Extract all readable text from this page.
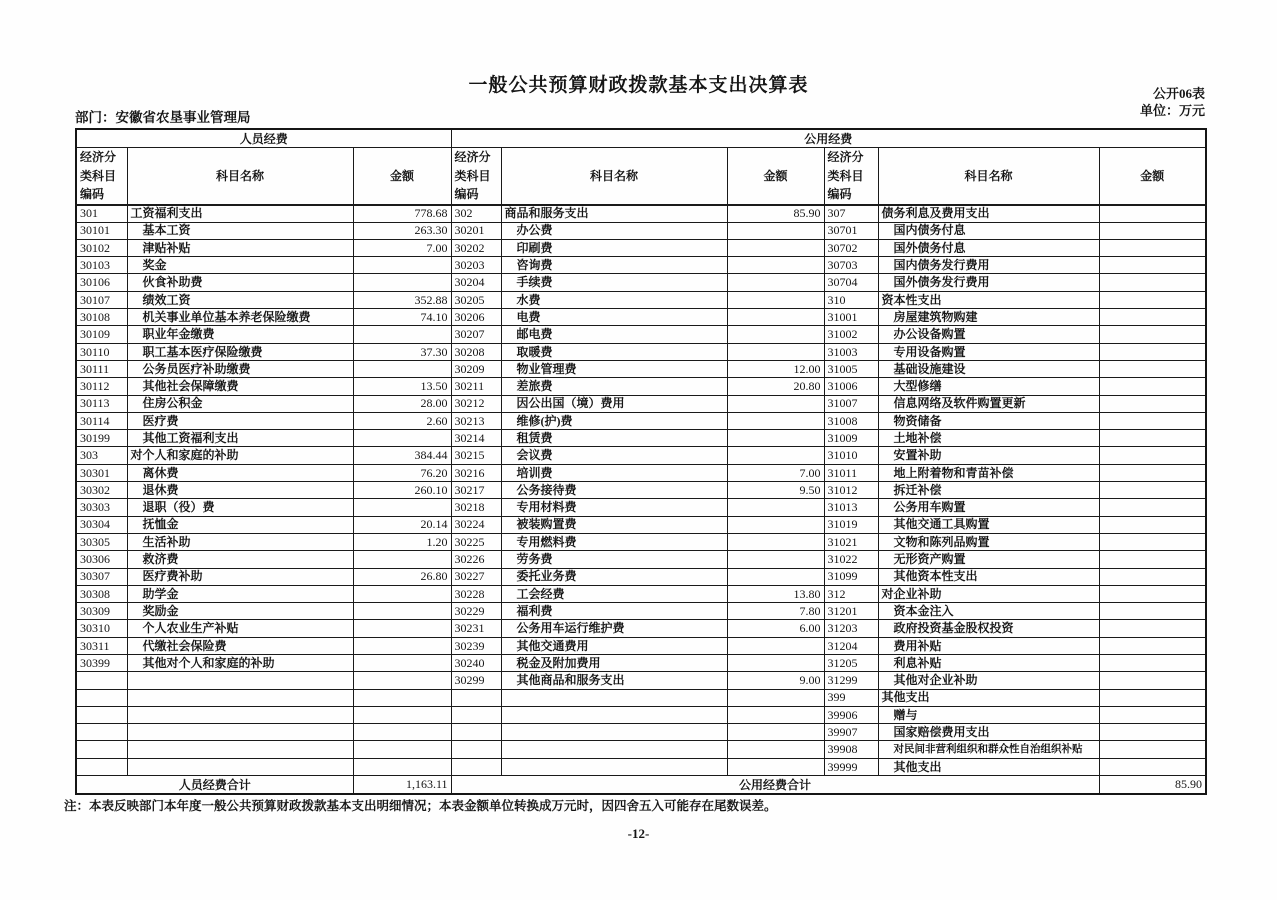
一般公共预算财政拨款基本支出决算表	公开06表
单位：万元
部门：安徽省农垦事业管理局
人员经费			公用经费					
经济分类科目编码	科目名称	金额	经济分类科目编码	科目名称	金额	经济分类科目编码	科目名称	金额
301	工资福利支出	778.68	302	商品和服务支出	85.90	307	债务利息及费用支出	
30101	基本工资	263.30	30201	办公费		30701	国内债务付息	
30102	津贴补贴	7.00	30202	印刷费		30702	国外债务付息	
30103	奖金		30203	咨询费		30703	国内债务发行费用	
30106	伙食补助费		30204	手续费		30704	国外债务发行费用	
30107	绩效工资	352.88	30205	水费		310	资本性支出	
30108	机关事业单位基本养老保险缴费	74.10	30206	电费		31001	房屋建筑物购建	
30109	职业年金缴费		30207	邮电费		31002	办公设备购置	
30110	职工基本医疗保险缴费	37.30	30208	取暖费		31003	专用设备购置	
30111	公务员医疗补助缴费		30209	物业管理费	12.00	31005	基础设施建设	
30112	其他社会保障缴费	13.50	30211	差旅费	20.80	31006	大型修缮	
30113	住房公积金	28.00	30212	因公出国（境）费用		31007	信息网络及软件购置更新	
30114	医疗费	2.60	30213	维修(护)费		31008	物资储备	
30199	其他工资福利支出		30214	租赁费		31009	土地补偿	
303	对个人和家庭的补助	384.44	30215	会议费		31010	安置补助	
30301	离休费	76.20	30216	培训费	7.00	31011	地上附着物和青苗补偿	
30302	退休费	260.10	30217	公务接待费	9.50	31012	拆迁补偿	
30303	退职（役）费		30218	专用材料费		31013	公务用车购置	
30304	抚恤金	20.14	30224	被装购置费		31019	其他交通工具购置	
30305	生活补助	1.20	30225	专用燃料费		31021	文物和陈列品购置	
30306	救济费		30226	劳务费		31022	无形资产购置	
30307	医疗费补助	26.80	30227	委托业务费		31099	其他资本性支出	
30308	助学金		30228	工会经费	13.80	312	对企业补助	
30309	奖励金		30229	福利费	7.80	31201	资本金注入	
30310	个人农业生产补贴		30231	公务用车运行维护费	6.00	31203	政府投资基金股权投资	
30311	代缴社会保险费		30239	其他交通费用		31204	费用补贴	
30399	其他对个人和家庭的补助		30240	税金及附加费用		31205	利息补贴	
			30299	其他商品和服务支出	9.00	31299	其他对企业补助	
						399	其他支出	
						39906	赠与	
						39907	国家赔偿费用支出	
						39908	对民间非营利组织和群众性自治组织补贴	
						39999	其他支出	
人员经费合计		1,163.11	公用经费合计					85.90
注：本表反映部门本年度一般公共预算财政拨款基本支出明细情况；本表金额单位转换成万元时，因四舍五入可能存在尾数误差。
-12-
